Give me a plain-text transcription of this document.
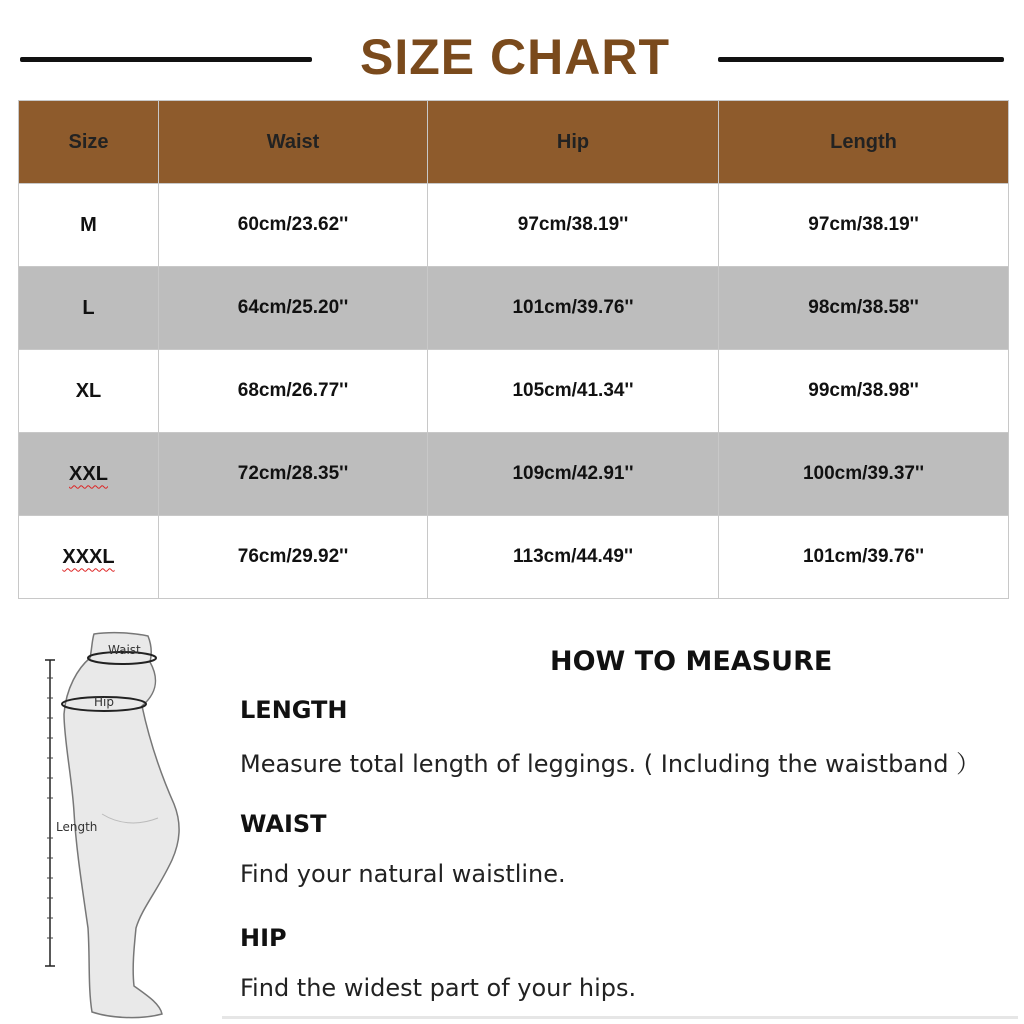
SIZE CHART
Size	Waist	Hip	Length
M	60cm/23.62''	97cm/38.19''	97cm/38.19''
L	64cm/25.20''	101cm/39.76''	98cm/38.58''
XL	68cm/26.77''	105cm/41.34''	99cm/38.98''
XXL	72cm/28.35''	109cm/42.91''	100cm/39.37''
XXXL	76cm/29.92''	113cm/44.49''	101cm/39.76''
Waist
Hip
Length
HOW TO MEASURE
LENGTH
Measure total length of leggings. ( Including the waistband ）
WAIST
Find your natural waistline.
HIP
Find the widest part of your hips.
